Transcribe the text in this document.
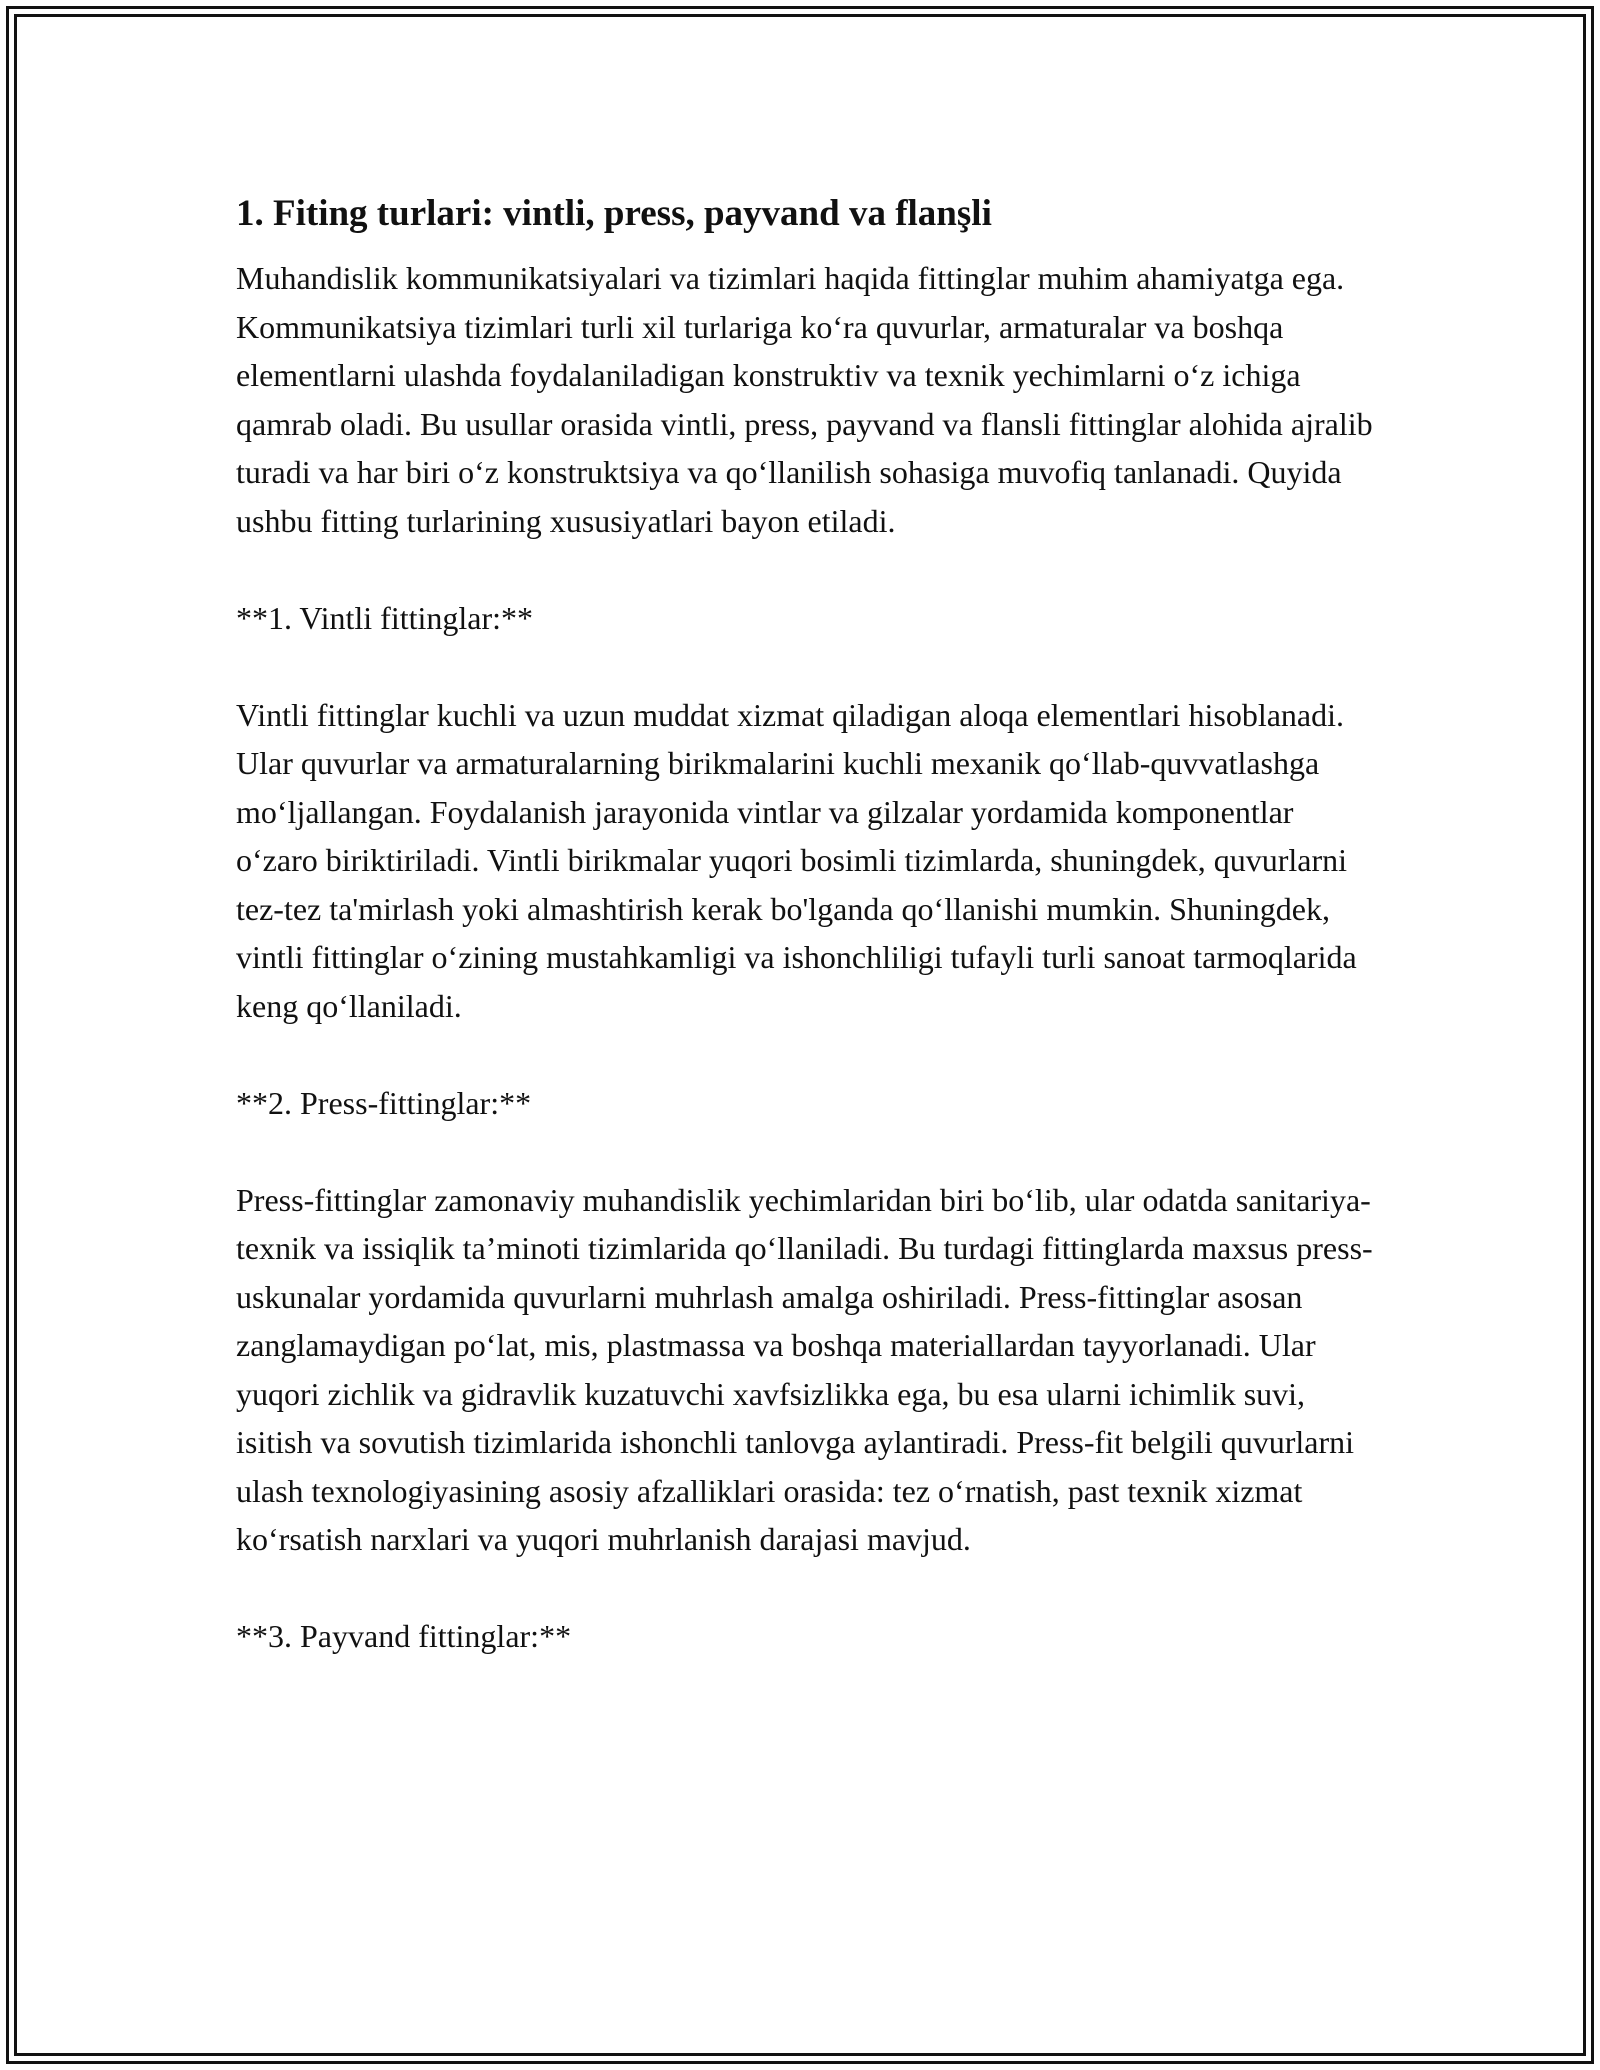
1. Fiting turlari: vintli, press, payvand va flanşli

Muhandislik kommunikatsiyalari va tizimlari haqida fittinglar muhim ahamiyatga ega. Kommunikatsiya tizimlari turli xil turlariga koʻra quvurlar, armaturalar va boshqa elementlarni ulashda foydalaniladigan konstruktiv va texnik yechimlarni oʻz ichiga qamrab oladi. Bu usullar orasida vintli, press, payvand va flansli fittinglar alohida ajralib turadi va har biri oʻz konstruktsiya va qoʻllanilish sohasiga muvofiq tanlanadi. Quyida ushbu fitting turlarining xususiyatlari bayon etiladi.

**1. Vintli fittinglar:**

Vintli fittinglar kuchli va uzun muddat xizmat qiladigan aloqa elementlari hisoblanadi. Ular quvurlar va armaturalarning birikmalarini kuchli mexanik qoʻllab-quvvatlashga moʻljallangan. Foydalanish jarayonida vintlar va gilzalar yordamida komponentlar oʻzaro biriktiriladi. Vintli birikmalar yuqori bosimli tizimlarda, shuningdek, quvurlarni tez-tez ta'mirlash yoki almashtirish kerak bo'lganda qoʻllanishi mumkin. Shuningdek, vintli fittinglar oʻzining mustahkamligi va ishonchliligi tufayli turli sanoat tarmoqlarida keng qoʻllaniladi.

**2. Press-fittinglar:**

Press-fittinglar zamonaviy muhandislik yechimlaridan biri boʻlib, ular odatda sanitariya-texnik va issiqlik ta’minoti tizimlarida qoʻllaniladi. Bu turdagi fittinglarda maxsus press-uskunalar yordamida quvurlarni muhrlash amalga oshiriladi. Press-fittinglar asosan zanglamaydigan poʻlat, mis, plastmassa va boshqa materiallardan tayyorlanadi. Ular yuqori zichlik va gidravlik kuzatuvchi xavfsizlikka ega, bu esa ularni ichimlik suvi, isitish va sovutish tizimlarida ishonchli tanlovga aylantiradi. Press-fit belgili quvurlarni ulash texnologiyasining asosiy afzalliklari orasida: tez oʻrnatish, past texnik xizmat koʻrsatish narxlari va yuqori muhrlanish darajasi mavjud.

**3. Payvand fittinglar:**
